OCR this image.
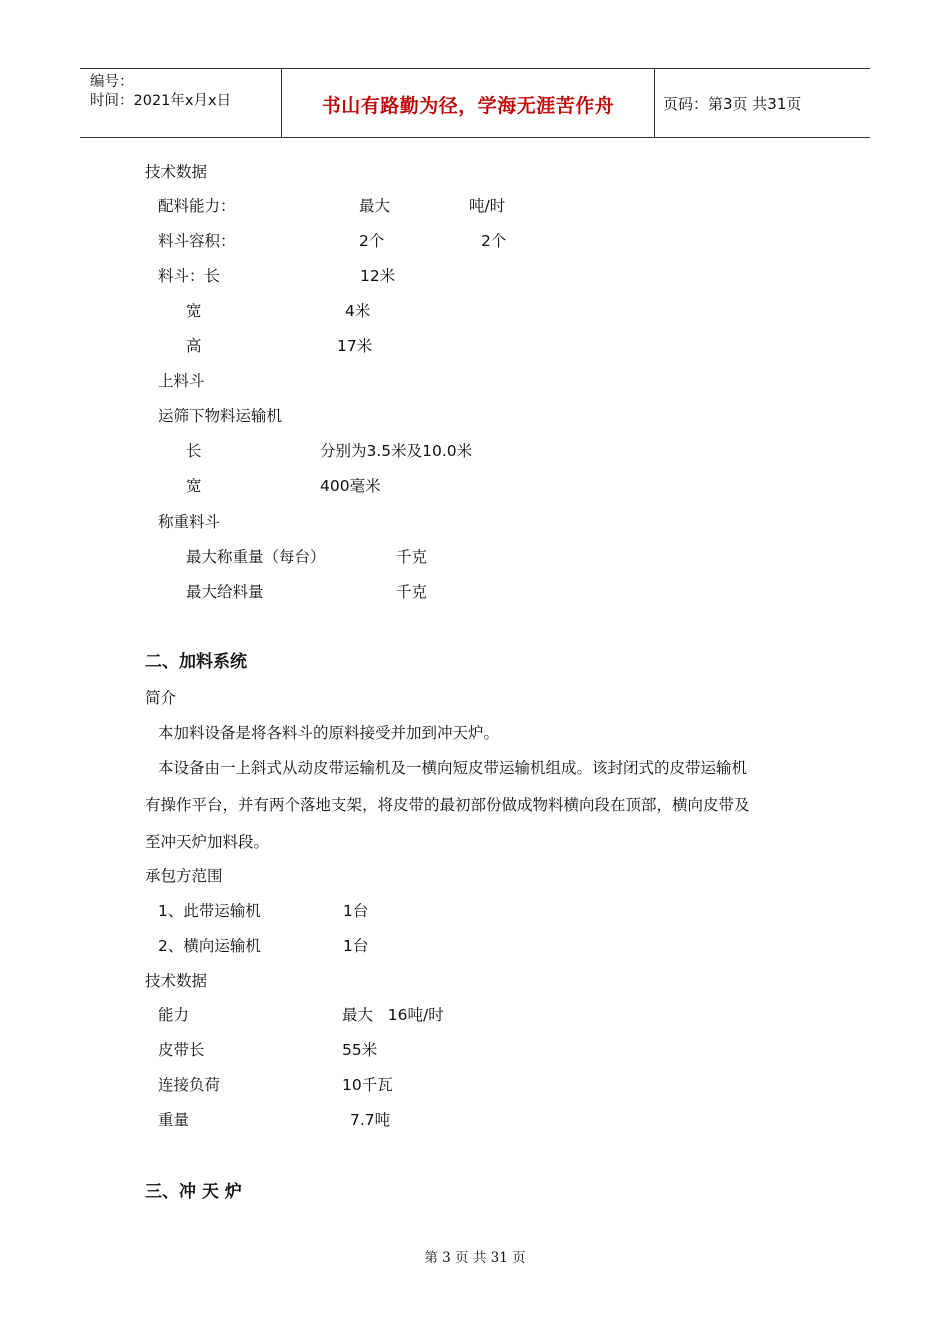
编号：
时间：2021年x月x日	书山有路勤为径，学海无涯苦作舟	页码：第3页 共31页
技术数据
配料能力：	最大	吨/时
料斗容积：	2个	2个
料斗：长	12米
宽	4米
高	17米
上料斗
运筛下物料运输机
长	分别为3.5米及10.0米
宽	400毫米
称重料斗
最大称重量（每台）	千克
最大给料量	千克
二、加料系统
简介
本加料设备是将各料斗的原料接受并加到冲天炉。
本设备由一上斜式从动皮带运输机及一横向短皮带运输机组成。该封闭式的皮带运输机
有操作平台，并有两个落地支架，将皮带的最初部份做成物料横向段在顶部，横向皮带及
至冲天炉加料段。
承包方范围
1、此带运输机	1台
2、横向运输机	1台
技术数据
能力	最大   16吨/时
皮带长	55米
连接负荷	10千瓦
重量	7.7吨
三、冲 天 炉
第 3 页 共 31 页
